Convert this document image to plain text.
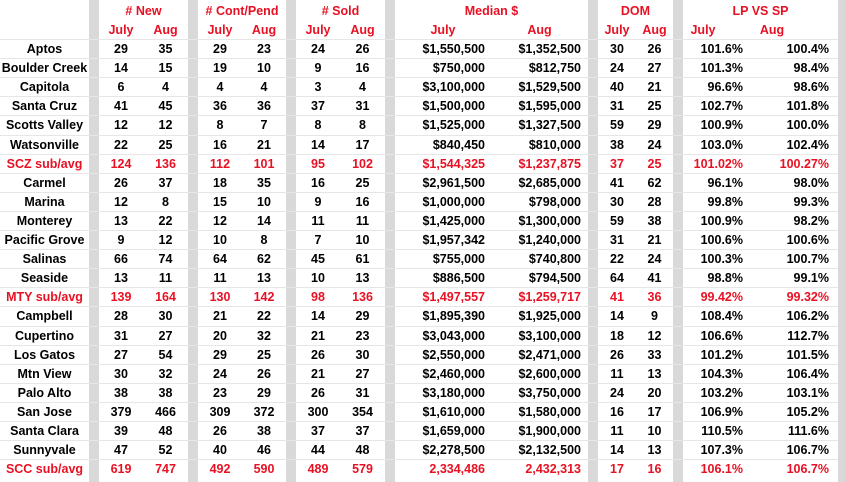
# New	# Cont/Pend	# Sold	Median $	DOM	LP VS SP
July	Aug	July	Aug	July	Aug	July	Aug	July	Aug	July	Aug
Aptos	29	35	29	23	24	26	$1,550,500	$1,352,500	30	26	101.6%	100.4%
Boulder Creek	14	15	19	10	9	16	$750,000	$812,750	24	27	101.3%	98.4%
Capitola	6	4	4	4	3	4	$3,100,000	$1,529,500	40	21	96.6%	98.6%
Santa Cruz	41	45	36	36	37	31	$1,500,000	$1,595,000	31	25	102.7%	101.8%
Scotts Valley	12	12	8	7	8	8	$1,525,000	$1,327,500	59	29	100.9%	100.0%
Watsonville	22	25	16	21	14	17	$840,450	$810,000	38	24	103.0%	102.4%
SCZ sub/avg	124	136	112	101	95	102	$1,544,325	$1,237,875	37	25	101.02%	100.27%
Carmel	26	37	18	35	16	25	$2,961,500	$2,685,000	41	62	96.1%	98.0%
Marina	12	8	15	10	9	16	$1,000,000	$798,000	30	28	99.8%	99.3%
Monterey	13	22	12	14	11	11	$1,425,000	$1,300,000	59	38	100.9%	98.2%
Pacific Grove	9	12	10	8	7	10	$1,957,342	$1,240,000	31	21	100.6%	100.6%
Salinas	66	74	64	62	45	61	$755,000	$740,800	22	24	100.3%	100.7%
Seaside	13	11	11	13	10	13	$886,500	$794,500	64	41	98.8%	99.1%
MTY sub/avg	139	164	130	142	98	136	$1,497,557	$1,259,717	41	36	99.42%	99.32%
Campbell	28	30	21	22	14	29	$1,895,390	$1,925,000	14	9	108.4%	106.2%
Cupertino	31	27	20	32	21	23	$3,043,000	$3,100,000	18	12	106.6%	112.7%
Los Gatos	27	54	29	25	26	30	$2,550,000	$2,471,000	26	33	101.2%	101.5%
Mtn View	30	32	24	26	21	27	$2,460,000	$2,600,000	11	13	104.3%	106.4%
Palo Alto	38	38	23	29	26	31	$3,180,000	$3,750,000	24	20	103.2%	103.1%
San Jose	379	466	309	372	300	354	$1,610,000	$1,580,000	16	17	106.9%	105.2%
Santa Clara	39	48	26	38	37	37	$1,659,000	$1,900,000	11	10	110.5%	111.6%
Sunnyvale	47	52	40	46	44	48	$2,278,500	$2,132,500	14	13	107.3%	106.7%
SCC sub/avg	619	747	492	590	489	579	2,334,486	2,432,313	17	16	106.1%	106.7%
